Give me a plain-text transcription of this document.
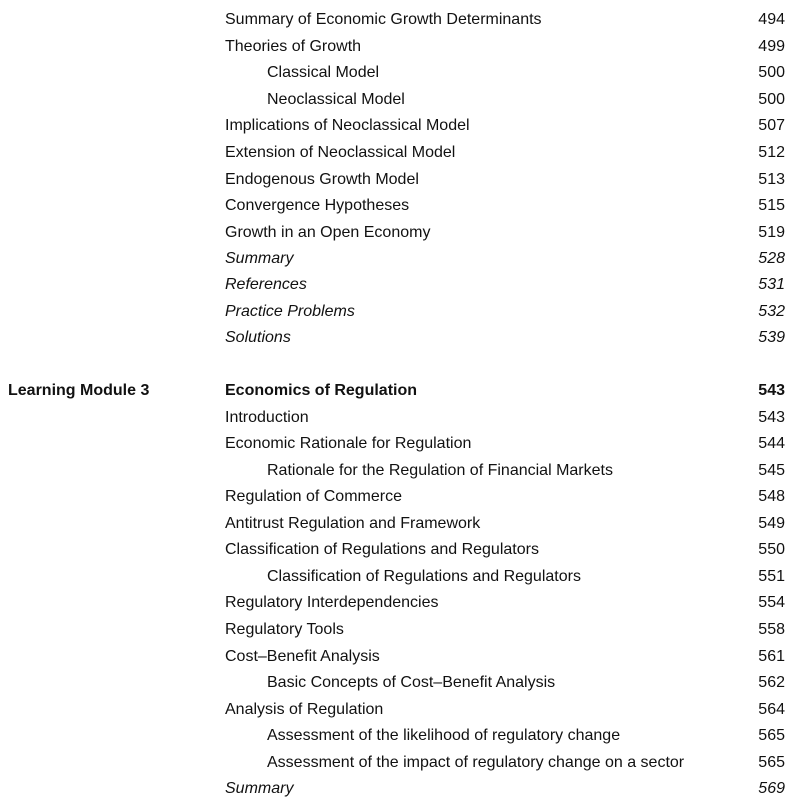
Summary of Economic Growth Determinants	494
Theories of Growth	499
Classical Model	500
Neoclassical Model	500
Implications of Neoclassical Model	507
Extension of Neoclassical Model	512
Endogenous Growth Model	513
Convergence Hypotheses	515
Growth in an Open Economy	519
Summary	528
References	531
Practice Problems	532
Solutions	539
Learning Module 3	Economics of Regulation	543
Introduction	543
Economic Rationale for Regulation	544
Rationale for the Regulation of Financial Markets	545
Regulation of Commerce	548
Antitrust Regulation and Framework	549
Classification of Regulations and Regulators	550
Classification of Regulations and Regulators	551
Regulatory Interdependencies	554
Regulatory Tools	558
Cost–Benefit Analysis	561
Basic Concepts of Cost–Benefit Analysis	562
Analysis of Regulation	564
Assessment of the likelihood of regulatory change	565
Assessment of the impact of regulatory change on a sector	565
Summary	569
